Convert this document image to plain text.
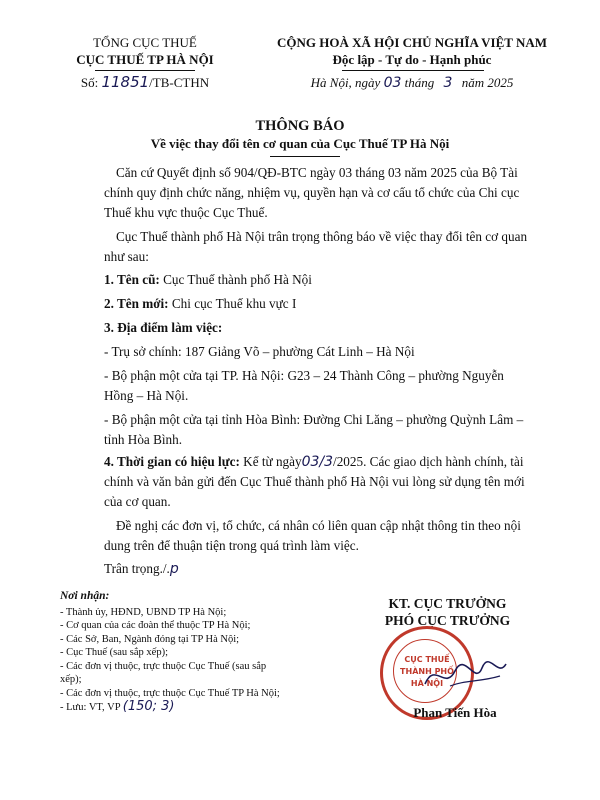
TỔNG CỤC THUẾ
CỤC THUẾ TP HÀ NỘI
Số: 11851/TB-CTHN
CỘNG HOÀ XÃ HỘI CHỦ NGHĨA VIỆT NAM
Độc lập - Tự do - Hạnh phúc
Hà Nội, ngày 03 tháng 3 năm 2025
THÔNG BÁO
Về việc thay đổi tên cơ quan của Cục Thuế TP Hà Nội
Căn cứ Quyết định số 904/QĐ-BTC ngày 03 tháng 03 năm 2025 của Bộ Tài chính quy định chức năng, nhiệm vụ, quyền hạn và cơ cấu tổ chức của Chi cục Thuế khu vực thuộc Cục Thuế.
Cục Thuế thành phố Hà Nội trân trọng thông báo về việc thay đổi tên cơ quan như sau:
1. Tên cũ: Cục Thuế thành phố Hà Nội
2. Tên mới: Chi cục Thuế khu vực I
3. Địa điểm làm việc:
- Trụ sở chính: 187 Giảng Võ – phường Cát Linh – Hà Nội
- Bộ phận một cửa tại TP. Hà Nội: G23 – 24 Thành Công – phường Nguyễn Hồng – Hà Nội.
- Bộ phận một cửa tại tỉnh Hòa Bình: Đường Chi Lăng – phường Quỳnh Lâm – tỉnh Hòa Bình.
4. Thời gian có hiệu lực: Kể từ ngày03/3/2025. Các giao dịch hành chính, tài chính và văn bản gửi đến Cục Thuế thành phố Hà Nội vui lòng sử dụng tên mới của cơ quan.
Đề nghị các đơn vị, tổ chức, cá nhân có liên quan cập nhật thông tin theo nội dung trên để thuận tiện trong quá trình làm việc.
Trân trọng./.p
Nơi nhận:
- Thành ủy, HĐND, UBND TP Hà Nội;
- Cơ quan của các đoàn thể thuộc TP Hà Nội;
- Các Sở, Ban, Ngành đóng tại TP Hà Nội;
- Cục Thuế (sau sắp xếp);
- Các đơn vị thuộc, trực thuộc Cục Thuế (sau sắp xếp);
- Các đơn vị thuộc, trực thuộc Cục Thuế TP Hà Nội;
- Lưu: VT, VP (150; 3)
KT. CỤC TRƯỞNG
PHÓ CỤC TRƯỞNG
CỤC THUẾ
THÀNH PHỐ
HÀ NỘI
Phan Tiến Hòa
